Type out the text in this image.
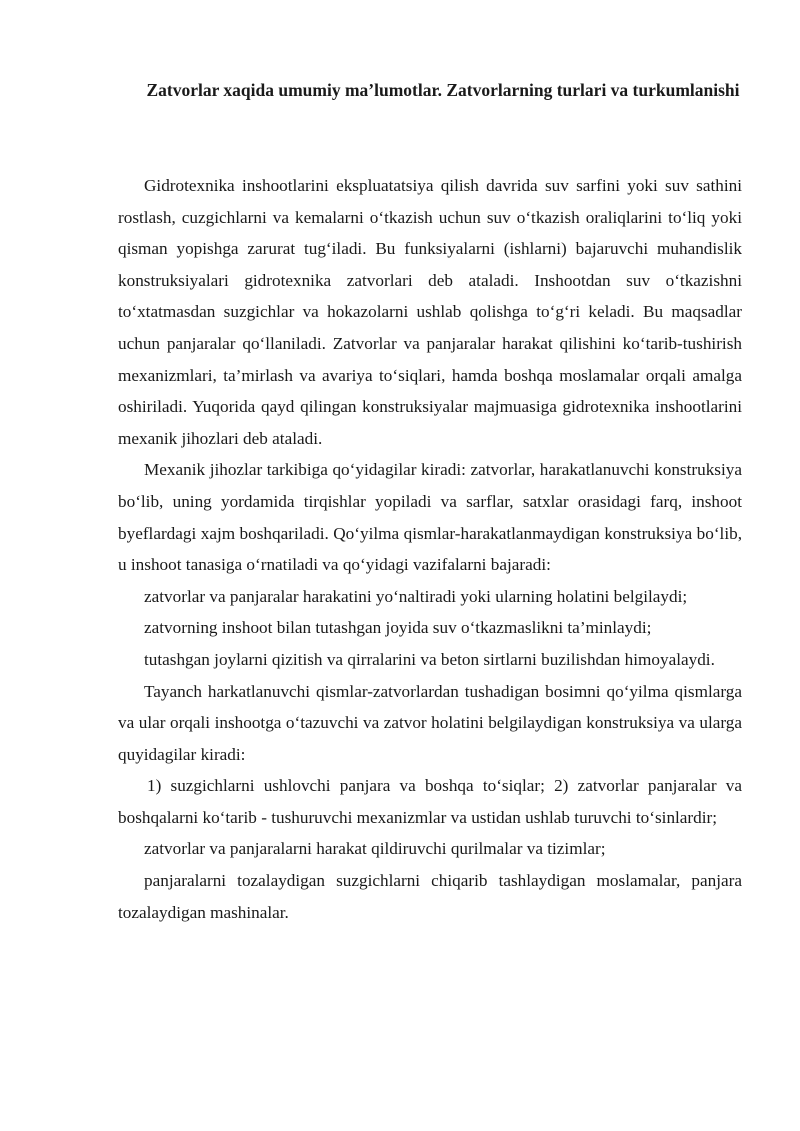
Zatvorlar xaqida umumiy ma’lumotlar. Zatvorlarning turlari va turkumlanishi

Gidrotexnika inshootlarini ekspluatatsiya qilish davrida suv sarfini yoki suv sathini rostlash, cuzgichlarni va kemalarni o‘tkazish uchun suv o‘tkazish oraliqlarini to‘liq yoki qisman yopishga zarurat tug‘iladi. Bu funksiyalarni (ishlarni) bajaruvchi muhandislik konstruksiyalari gidrotexnika zatvorlari deb ataladi. Inshootdan suv o‘tkazishni to‘xtatmasdan suzgichlar va hokazolarni ushlab qolishga to‘g‘ri keladi. Bu maqsadlar uchun panjaralar qo‘llaniladi. Zatvorlar va panjaralar harakat qilishini ko‘tarib-tushirish mexanizmlari, ta’mirlash va avariya to‘siqlari, hamda boshqa moslamalar orqali amalga oshiriladi. Yuqorida qayd qilingan konstruksiyalar majmuasiga gidrotexnika inshootlarini mexanik jihozlari deb ataladi.

Mexanik jihozlar tarkibiga qo‘yidagilar kiradi: zatvorlar, harakatlanuvchi konstruksiya bo‘lib, uning yordamida tirqishlar yopiladi va sarflar, satxlar orasidagi farq, inshoot byeflardagi xajm boshqariladi. Qo‘yilma qismlar-harakatlanmaydigan konstruksiya bo‘lib, u inshoot tanasiga o‘rnatiladi va qo‘yidagi vazifalarni bajaradi:

zatvorlar va panjaralar harakatini yo‘naltiradi yoki ularning holatini belgilaydi;

zatvorning inshoot bilan tutashgan joyida suv o‘tkazmaslikni ta’minlaydi;

tutashgan joylarni qizitish va qirralarini va beton sirtlarni buzilishdan himoyalaydi.

Tayanch harkatlanuvchi qismlar-zatvorlardan tushadigan bosimni qo‘yilma qismlarga va ular orqali inshootga o‘tazuvchi va zatvor holatini belgilaydigan konstruksiya va ularga quyidagilar kiradi:

1) suzgichlarni ushlovchi panjara va boshqa to‘siqlar; 2) zatvorlar panjaralar va boshqalarni ko‘tarib - tushuruvchi mexanizmlar va ustidan ushlab turuvchi to‘sinlardir;

zatvorlar va panjaralarni harakat qildiruvchi qurilmalar va tizimlar;

panjaralarni tozalaydigan suzgichlarni chiqarib tashlaydigan moslamalar, panjara tozalaydigan mashinalar.
